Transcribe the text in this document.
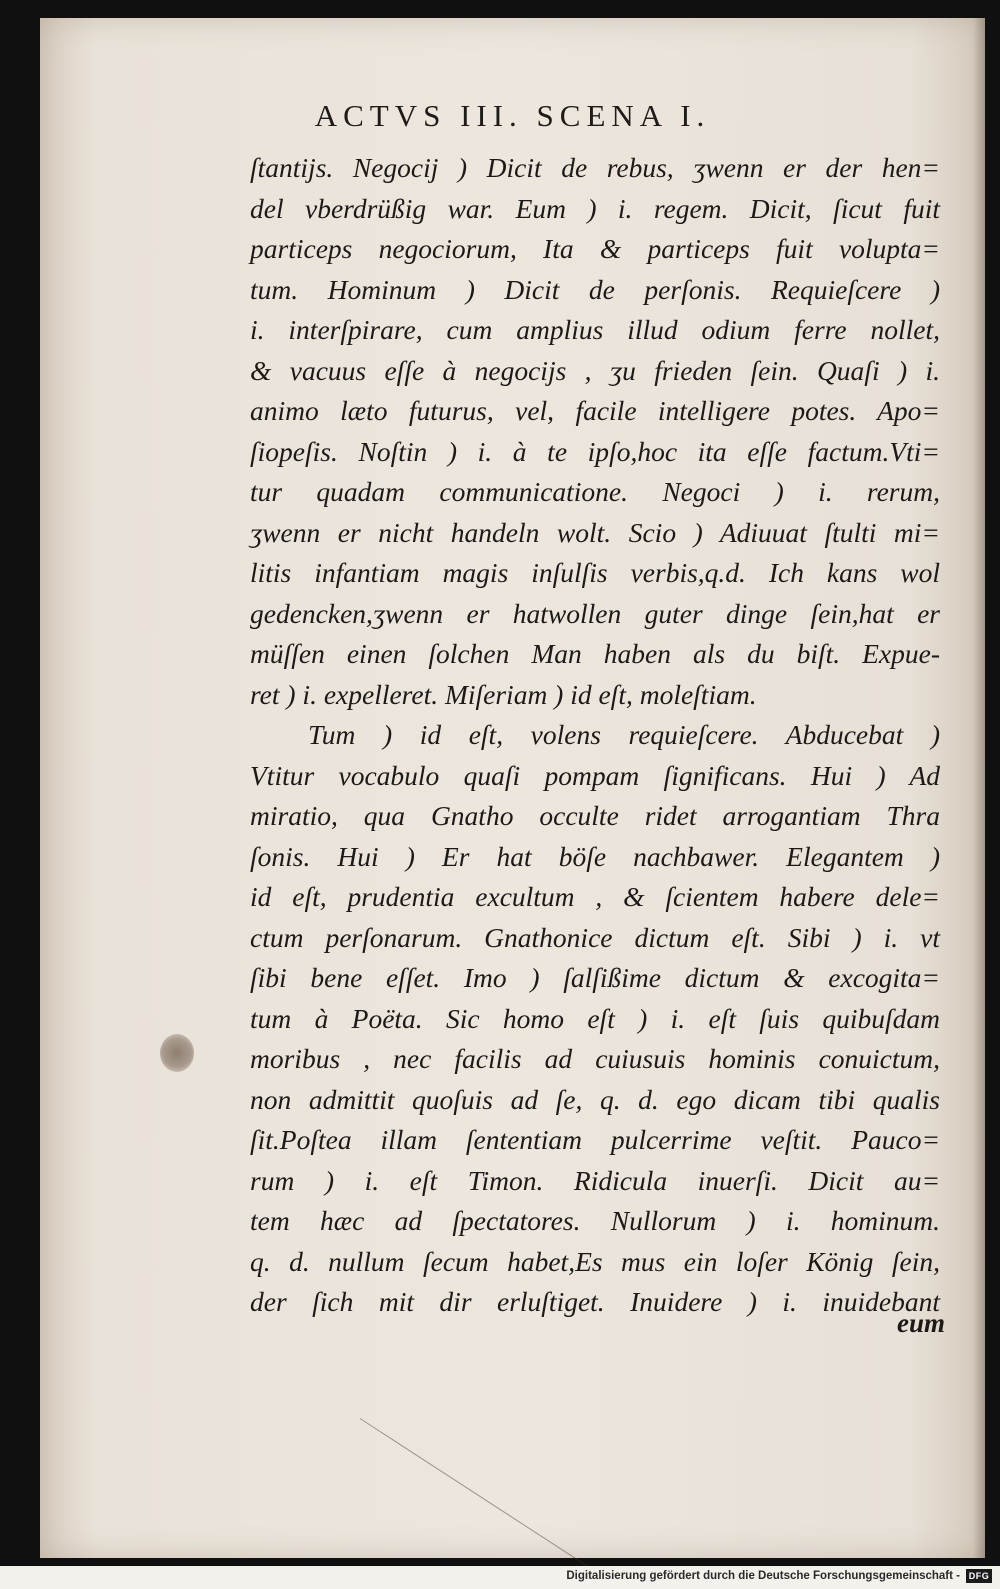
ACTVS III. SCENA I.
ſtantijs. Negocij ) Dicit de rebus, ʒwenn er der hen=
del vberdrüßig war. Eum ) i. regem. Dicit, ſicut fuit
particeps negociorum, Ita & particeps fuit volupta=
tum. Hominum ) Dicit de perſonis. Requieſcere )
i. interſpirare, cum amplius illud odium ferre nollet,
& vacuus eſſe à negocijs , ʒu frieden ſein. Quaſi ) i.
animo læto futurus, vel, facile intelligere potes. Apo=
ſiopeſis. Noſtin ) i. à te ipſo,hoc ita eſſe factum.Vti=
tur quadam communicatione. Negoci ) i. rerum,
ʒwenn er nicht handeln wolt. Scio ) Adiuuat ſtulti mi=
litis infantiam magis inſulſis verbis,q.d. Ich kans wol
gedencken,ʒwenn er hatwollen guter dinge ſein,hat er
müſſen einen ſolchen Man haben als du biſt. Expue-
ret ) i. expelleret. Miſeriam ) id eſt, moleſtiam.
Tum ) id eſt, volens requieſcere. Abducebat )
Vtitur vocabulo quaſi pompam ſignificans. Hui ) Ad
miratio, qua Gnatho occulte ridet arrogantiam Thra
ſonis. Hui ) Er hat böſe nachbawer. Elegantem )
id eſt, prudentia excultum , & ſcientem habere dele=
ctum perſonarum. Gnathonice dictum eſt. Sibi ) i. vt
ſibi bene eſſet. Imo ) ſalſißime dictum & excogita=
tum à Poëta. Sic homo eſt ) i. eſt ſuis quibuſdam
moribus , nec facilis ad cuiusuis hominis conuictum,
non admittit quoſuis ad ſe, q. d. ego dicam tibi qualis
ſit.Poſtea illam ſententiam pulcerrime veſtit. Pauco=
rum ) i. eſt Timon. Ridicula inuerſi. Dicit au=
tem hæc ad ſpectatores. Nullorum ) i. hominum.
q. d. nullum ſecum habet,Es mus ein loſer König ſein,
der ſich mit dir erluſtiget. Inuidere ) i. inuidebant
eum
Digitalisierung gefördert durch die Deutsche Forschungsgemeinschaft - DFG
